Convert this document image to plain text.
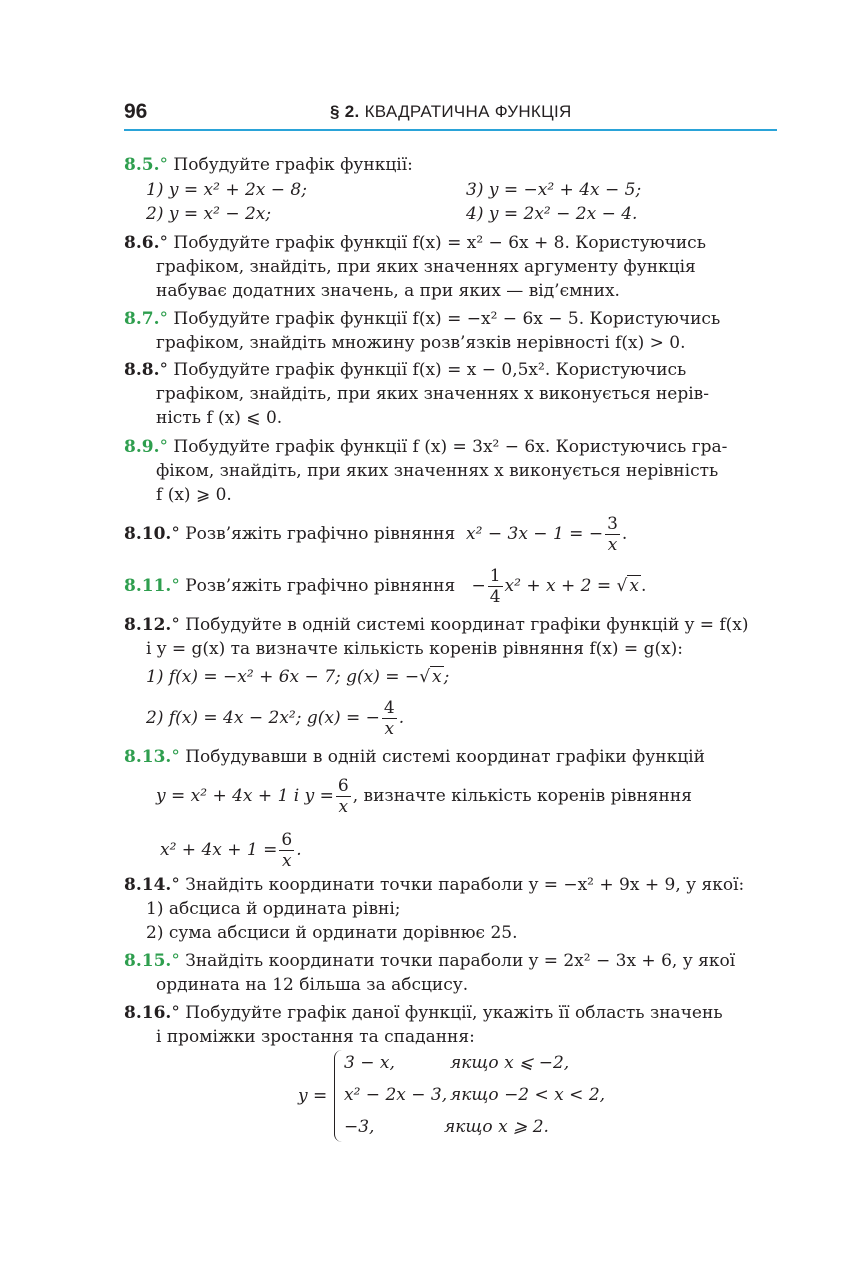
96	§ 2. КВАДРАТИЧНА ФУНКЦІЯ
8.5.° Побудуйте графік функції:
1) y = x² + 2x − 8;	3) y = −x² + 4x − 5;
2) y = x² − 2x;	4) y = 2x² − 2x − 4.
8.6.° Побудуйте графік функції f(x) = x² − 6x + 8. Користуючись
графіком, знайдіть, при яких значеннях аргументу функція
набуває додатних значень, а при яких — від’ємних.
8.7.° Побудуйте графік функції f(x) = −x² − 6x − 5. Користуючись
графіком, знайдіть множину розв’язків нерівності f(x) > 0.
8.8.° Побудуйте графік функції f(x) = x − 0,5x². Користуючись
графіком, знайдіть, при яких значеннях x виконується нерів-
ність f (x) ⩽ 0.
8.9.° Побудуйте графік функції f (x) = 3x² − 6x. Користуючись гра-
фіком, знайдіть, при яких значеннях x виконується нерівність
f (x) ⩾ 0.
8.10.° Розв’яжіть графічно рівняння x² − 3x − 1 = − $\frac{3}{x}$ .
8.11.° Розв’яжіть графічно рівняння − $\frac{1}{4} x^2 + x + 2$ = √ x .
8.12.° Побудуйте в одній системі координат графіки функцій y = f(x)
і y = g(x) та визначте кількість коренів рівняння f(x) = g(x):
1) f(x) = −x² + 6x − 7; g(x) = −√ x ;
2) f(x) = 4x − 2x²; g(x) = − $\frac{4}{x}$ .
8.13.° Побудувавши в одній системі координат графіки функцій
y = x² + 4x + 1 і $y = \frac{6}{x}$ , визначте кількість коренів рівняння
$x^2 + 4x + 1 = \frac{6}{x}$ .
8.14.° Знайдіть координати точки параболи y = −x² + 9x + 9, у якої:
1) абсциса й ордината рівні;
2) сума абсциси й ординати дорівнює 25.
8.15.° Знайдіть координати точки параболи y = 2x² − 3x + 6, у якої
ордината на 12 більша за абсцису.
8.16.° Побудуйте графік даної функції, укажіть її область значень
і проміжки зростання та спадання:
y =
3 − x,	якщо x ⩽ −2,
x² − 2x − 3, якщо −2 < x < 2,
−3,	якщо x ⩾ 2.
